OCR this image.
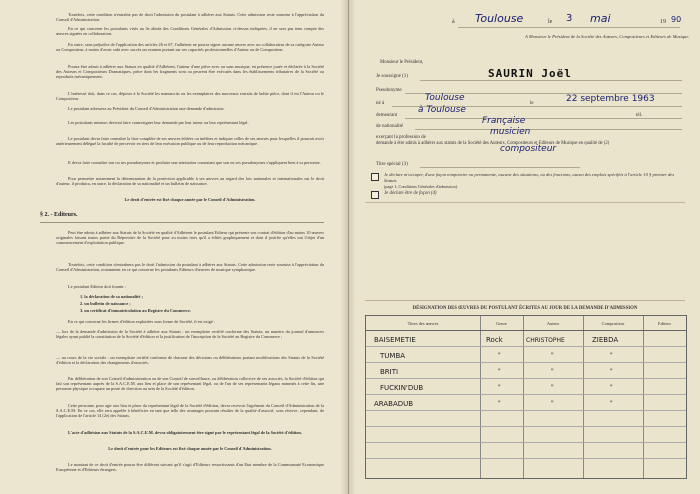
Toutefois, cette condition n'entraîne pas de droit l'admission du postulant à adhérer aux Statuts. Cette admission reste soumise à l'appréciation du Conseil d'Administration.
En ce qui concerne les postulants visés au 3e alinéa des Conditions Générales d'Admission ci-dessus indiquées, il ne sera pas tenu compte des œuvres signées en collaboration.
En outre, sans préjudice de l'application des articles 26 et 67, l'adhérent ne pourra signer aucune œuvre avec un collaborateur de sa catégorie Auteur ou Compositeur, à moins d'avoir subi avec succès un examen portant sur ses capacités professionnelles d'Auteur ou de Compositeur.
Pourra être admis à adhérer aux Statuts en qualité d'Adhérent, l'auteur d'une pièce avec ou sans musique, en présence jouée et déclarée à la Société des Auteurs et Compositeurs Dramatiques, pièce dont les fragments sont ou peuvent être exécutés dans les établissements tributaires de la Société ou reproduits mécaniquement.
L'intéressé doit, dans ce cas, déposer à la Société les manuscrits ou les exemplaires des morceaux extraits de ladite pièce, dont il est l'Auteur ou le Compositeur.
Le postulant adressera au Président du Conseil d'Administration une demande d'admission.
Les postulants mineurs devront faire contresigner leur demande par leur tuteur ou leur représentant légal.
Le postulant devra faire connaître la liste complète de ses œuvres éditées ou inédites et indiquer celles de ses œuvres pour lesquelles il pourrait avoir antérieurement délégué la faculté de percevoir en tiers de leur exécution publique ou de leur reproduction mécanique.
Il devra faire connaître son ou ses pseudonymes et produire une attestation constatant que son ou ses pseudonymes s'appliquent bien à sa personne.
Pour permettre notamment la détermination de la protection applicable à ses œuvres au regard des lois nationales et internationales sur le droit d'auteur, il produira, en outre, la déclaration de sa nationalité et un bulletin de naissance.
Le droit d'entrée est fixé chaque année par le Conseil d'Administration.
§ 2. - Editeurs.
Peut être admis à adhérer aux Statuts de la Société en qualité d'Adhérent le postulant Editeur qui présente son contrat d'édition d'au moins 10 œuvres originales faisant toutes partie du Répertoire de la Société pour au moins trois qu'il a édités graphiquement et dont il justifie qu'elles ont l'objet d'un commencement d'exploitation publique.
Toutefois, cette condition n'entraînera pas le droit l'admission du postulant à adhérer aux Statuts. Cette admission reste soumise à l'appréciation du Conseil d'Administration, notamment en ce qui concerne les postulants Editeurs d'œuvres de musique symphonique.
Le postulant Editeur doit fournir :
1. la déclaration de sa nationalité ;
2. un bulletin de naissance ;
3. un certificat d'immatriculation au Registre du Commerce.
En ce qui concerne les firmes d'édition exploitées sous forme de Société, il est exigé :
— lors de la demande d'admission de la Société à adhérer aux Statuts : un exemplaire certifié conforme des Statuts, un numéro du journal d'annonces légales ayant publié la constitution de la Société d'édition et la justification de l'inscription de la Société au Registre du Commerce ;
— au cours de la vie sociale : un exemplaire certifié conforme de chacune des décisions ou délibérations portant modifications des Statuts de la Société d'édition et la déclaration des changements d'associés.
Par délibération de son Conseil d'administration ou de son Conseil de surveillance, ou délibération collective de ses associés, la Société d'édition qui fait son représentant auprès de la S.A.C.E.M. aux lieu et place de son représentant légal, ou de l'un de ses représentants légaux nommés à cette fin, une personne physique occupant un poste de direction au sein de la Société d'édition.
Cette personne, pour agir aux lieu et place du représentant légal de la Société d'édition, devra recevoir l'agrément du Conseil d'Administration de la S.A.C.E.M. En ce cas, elle sera appelée à bénéficier en tant que telle des avantages pouvant résulter de la qualité d'associé, sous réserve, cependant, de l'application de l'article 14 (2e) des Statuts.
L'acte d'adhésion aux Statuts de la S.A.C.E.M. devra obligatoirement être signé par le représentant légal de la Société d'édition.
Le droit d'entrée pour les Editeurs est fixé chaque année par le Conseil d'Administration.
Le montant de ce droit d'entrée pourra être différent suivant qu'il s'agit d'Editeurs ressortissants d'un Etat membre de la Communauté Economique Européenne et d'Editeurs étrangers.
à Toulouse	le 3 mai	19 90
A Monsieur le Président de la Société des Auteurs, Compositeurs et Editeurs de Musique.
Monsieur le Président,
Je soussigné (1)	SAURIN Joël
Pseudonyme
né à
Toulouse
le	22 septembre 1963
demeurant
à Toulouse
tél.
de nationalité
Française
exerçant la profession de
musicien
demande à être admis à adhérer aux statuts de la Société des Auteurs, Compositeurs et Editeurs de Musique en qualité de (2)
compositeur
Titre spécial (3)
Je déclare m'occuper, d'une façon temporaire ou permanente, aucune des situations, ou des fonctions, aucun des emplois spécifiés à l'article 10 § premier des Statuts
(page 1, Conditions Générales d'admission).
Je déclare être de façon (4)
DÉSIGNATION DES ŒUVRES DU POSTULANT ÉCRITES AU JOUR DE LA DEMANDE D'ADMISSION
Titres des œuvres	Genre	Auteur	Compositeur	Editeur
BAISEMETIE	Rock	CHRISTOPHE	ZIEBDA
TUMBA	"	"	"
BRITI	"	"	"
FUCKIN'DUB	"	"	"
ARABADUB	"	"	"
